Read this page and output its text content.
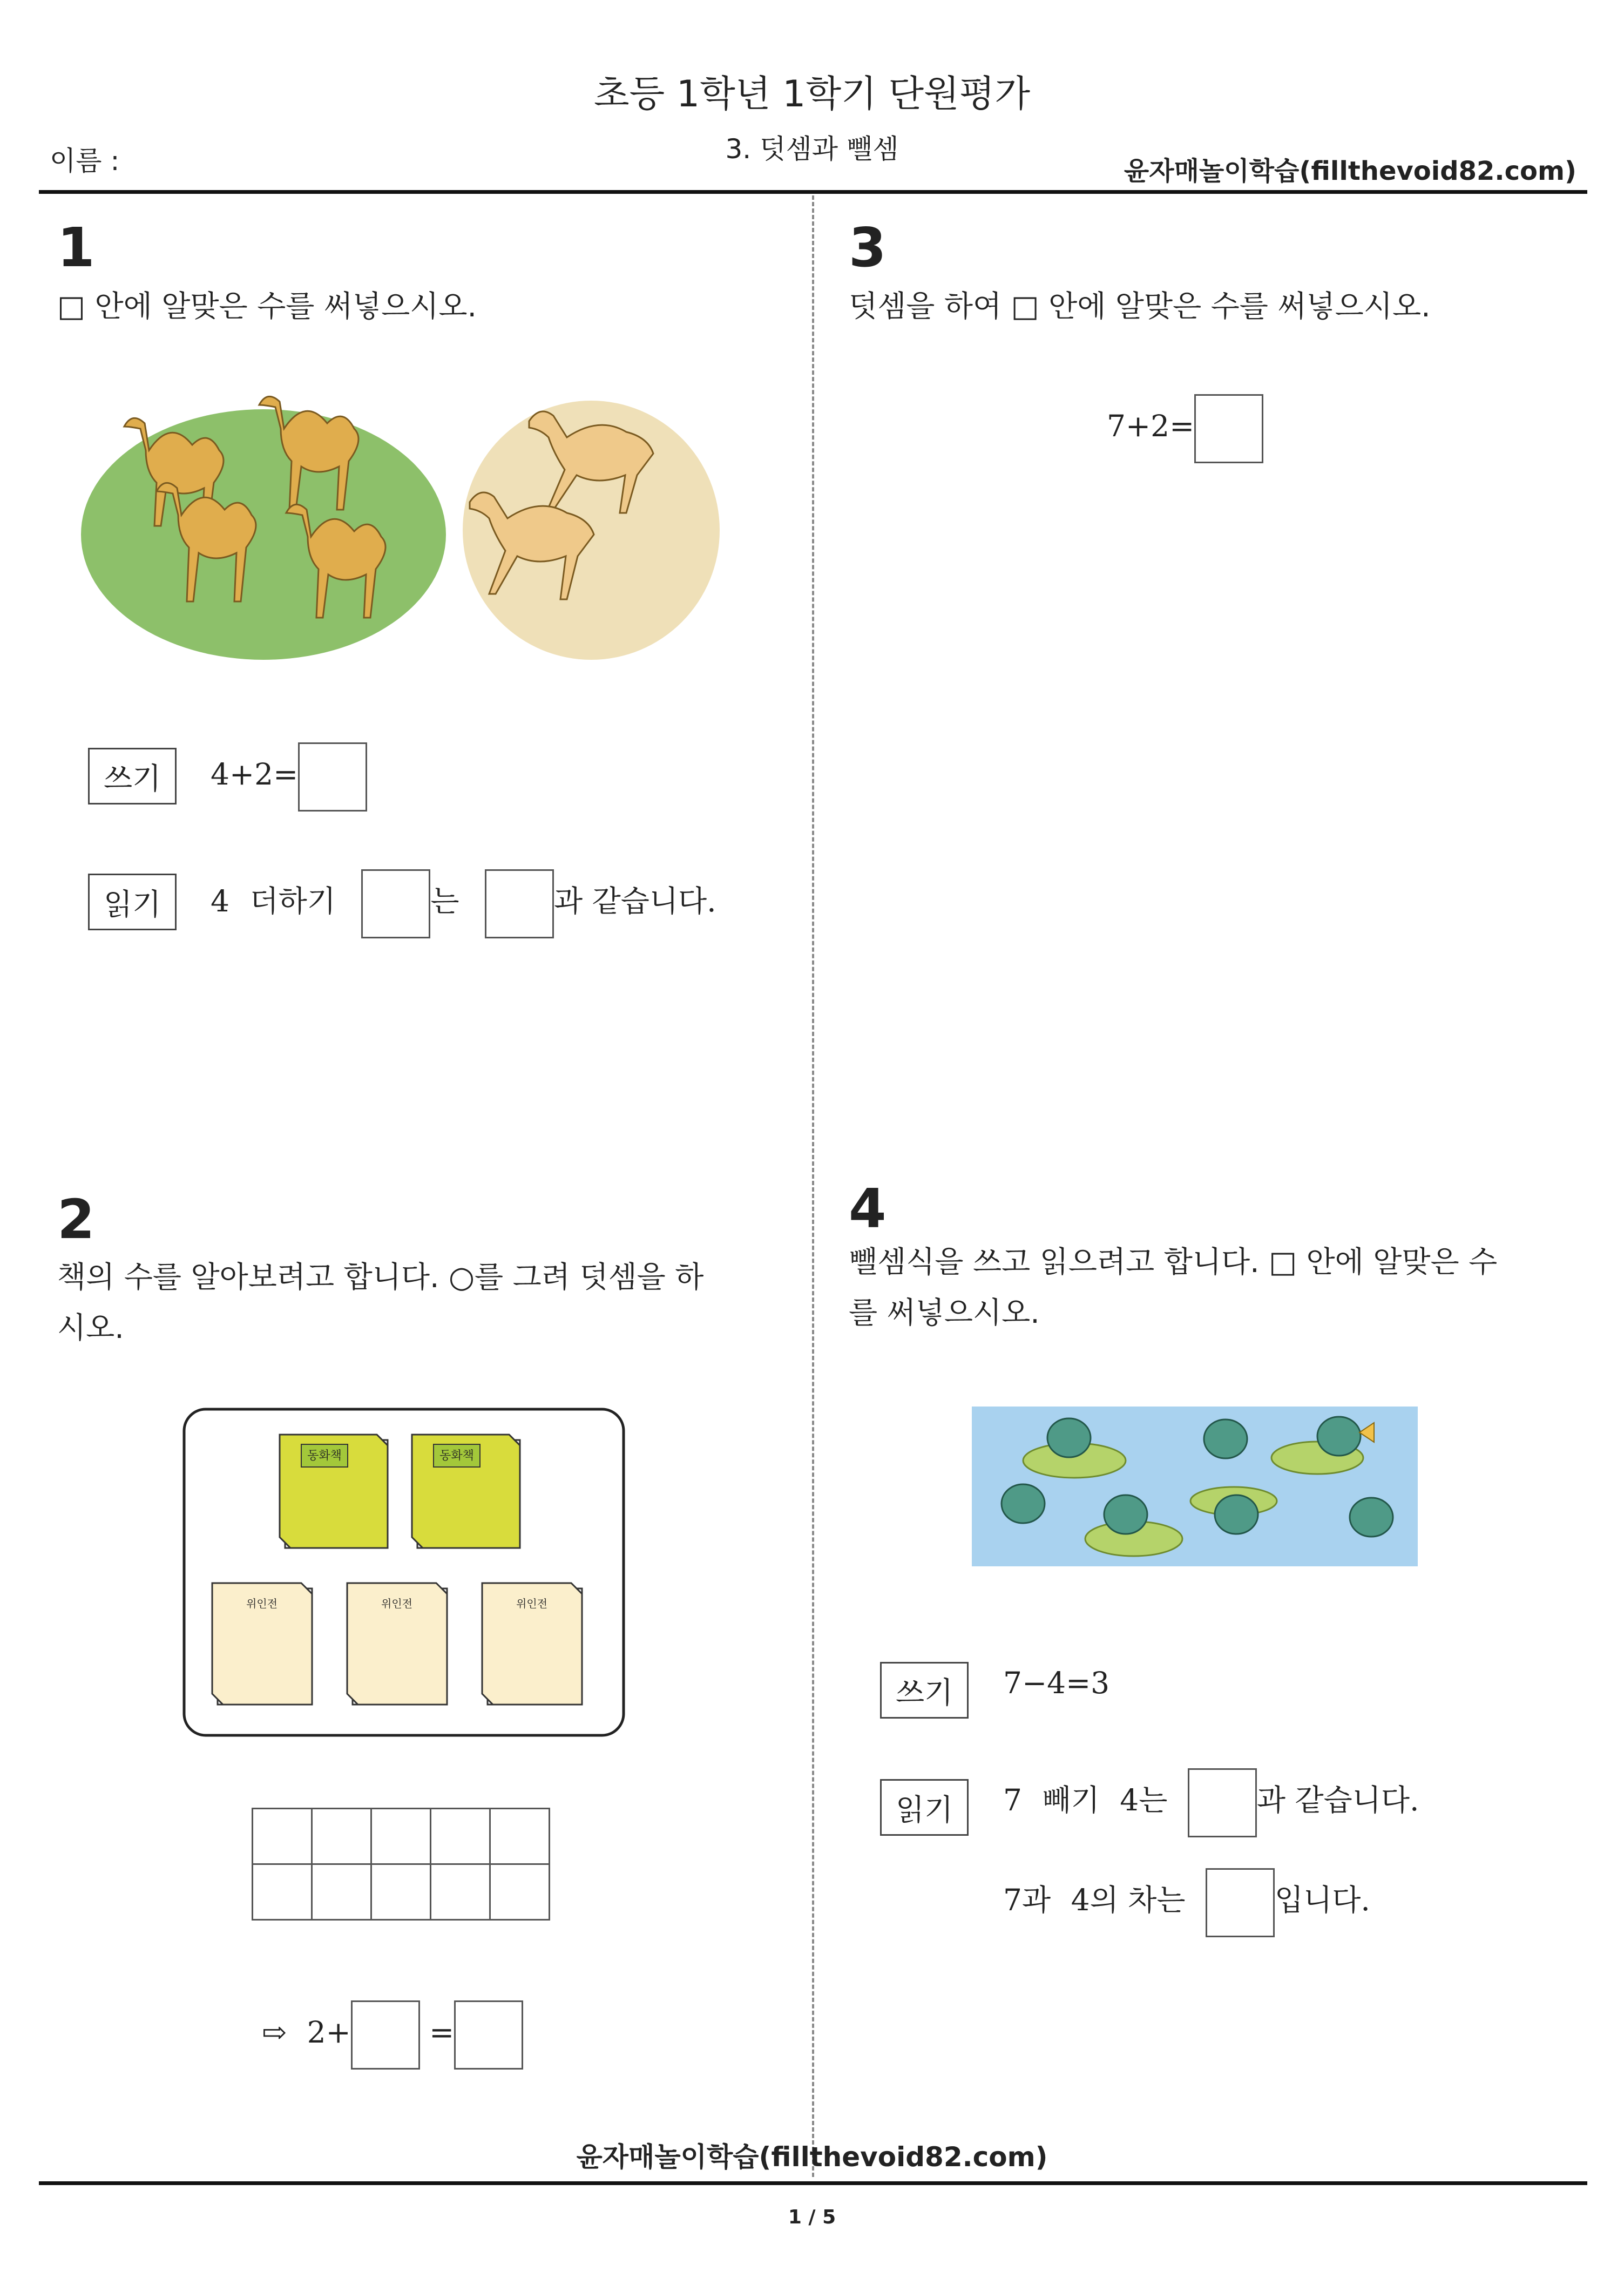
초등 1학년 1학기 단원평가
3. 덧셈과 뺄셈
이름 :	윤자매놀이학습(fillthevoid82.com)
1
□ 안에 알맞은 수를 써넣으시오.
쓰기	4+2=
읽기	4 더하기	는	과 같습니다.
2
책의 수를 알아보려고 합니다. ○를 그려 덧셈을 하
시오.
동화책	동화책
위인전	위인전	위인전

⇨ 2+	=
3
덧셈을 하여 □ 안에 알맞은 수를 써넣으시오.
7+2=
4
뺄셈식을 쓰고 읽으려고 합니다. □ 안에 알맞은 수
를 써넣으시오.
쓰기	7−4=3
읽기	7 빼기 4는	과 같습니다.
7과 4의 차는	입니다.
윤자매놀이학습(fillthevoid82.com)
1 / 5
